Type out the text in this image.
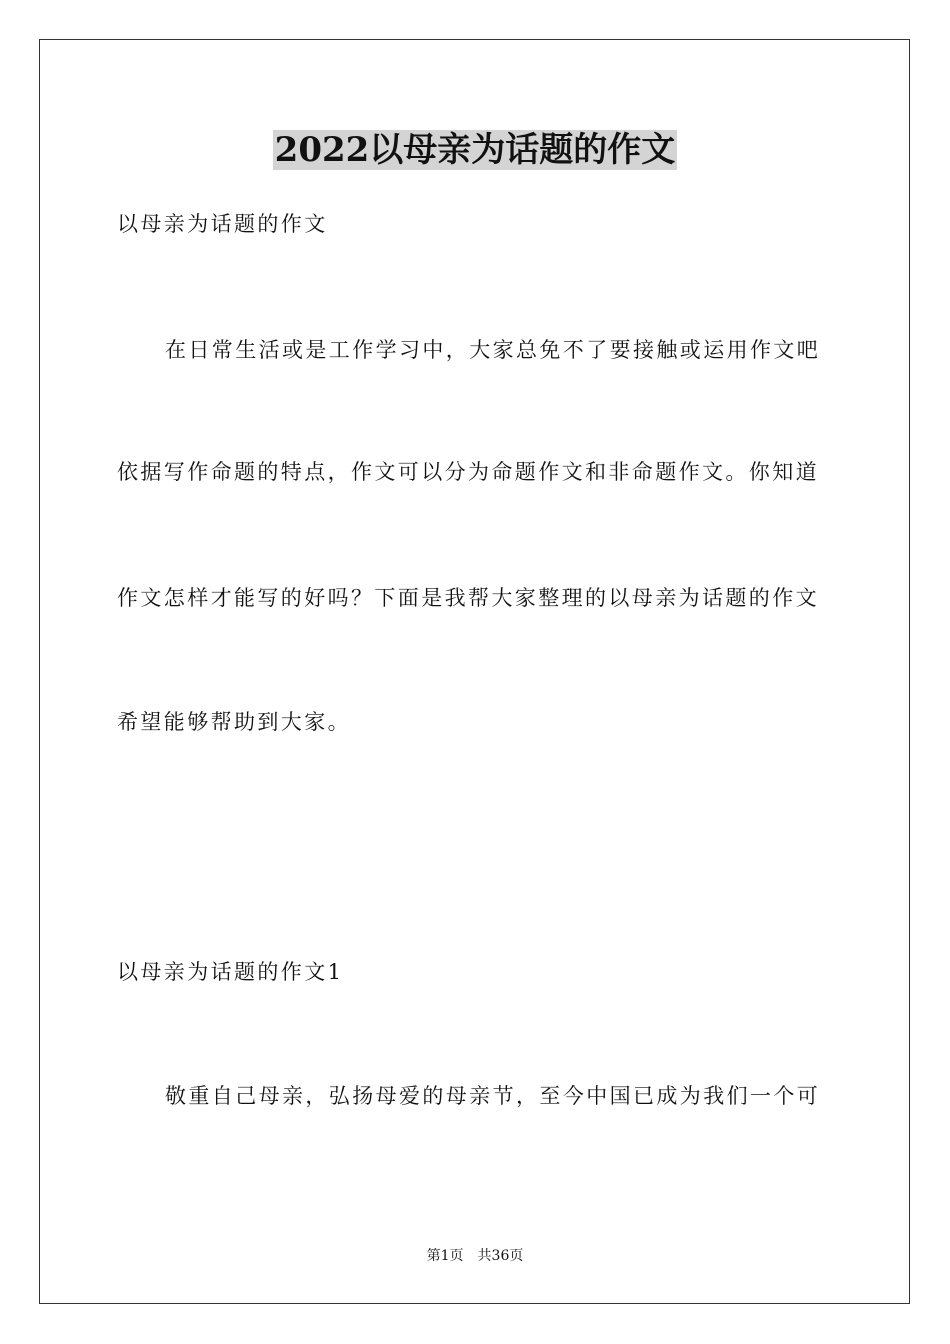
2022以母亲为话题的作文
以母亲为话题的作文
在日常生活或是工作学习中，大家总免不了要接触或运用作文吧
依据写作命题的特点，作文可以分为命题作文和非命题作文。你知道
作文怎样才能写的好吗？下面是我帮大家整理的以母亲为话题的作文
希望能够帮助到大家。
以母亲为话题的作文1
敬重自己母亲，弘扬母爱的母亲节，至今中国已成为我们一个可
第1页 共36页
